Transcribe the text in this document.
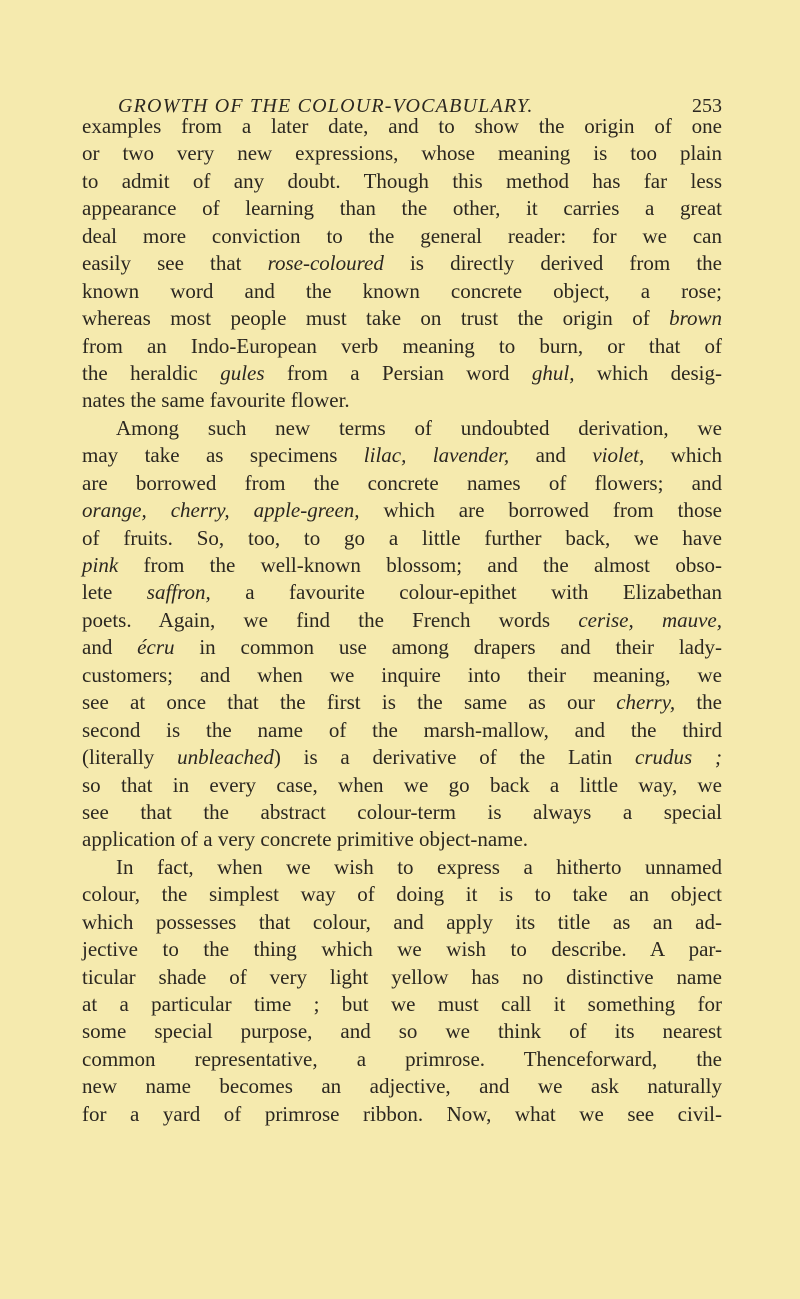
GROWTH OF THE COLOUR-VOCABULARY.	253
examples from a later date, and to show the origin of one
or two very new expressions, whose meaning is too plain
to admit of any doubt. Though this method has far less
appearance of learning than the other, it carries a great
deal more conviction to the general reader: for we can
easily see that rose-coloured is directly derived from the
known word and the known concrete object, a rose;
whereas most people must take on trust the origin of brown
from an Indo-European verb meaning to burn, or that of
the heraldic gules from a Persian word ghul, which desig-
nates the same favourite flower.
Among such new terms of undoubted derivation, we
may take as specimens lilac, lavender, and violet, which
are borrowed from the concrete names of flowers; and
orange, cherry, apple-green, which are borrowed from those
of fruits. So, too, to go a little further back, we have
pink from the well-known blossom; and the almost obso-
lete saffron, a favourite colour-epithet with Elizabethan
poets. Again, we find the French words cerise, mauve,
and écru in common use among drapers and their lady-
customers; and when we inquire into their meaning, we
see at once that the first is the same as our cherry, the
second is the name of the marsh-mallow, and the third
(literally unbleached) is a derivative of the Latin crudus ;
so that in every case, when we go back a little way, we
see that the abstract colour-term is always a special
application of a very concrete primitive object-name.
In fact, when we wish to express a hitherto unnamed
colour, the simplest way of doing it is to take an object
which possesses that colour, and apply its title as an ad-
jective to the thing which we wish to describe. A par-
ticular shade of very light yellow has no distinctive name
at a particular time ; but we must call it something for
some special purpose, and so we think of its nearest
common representative, a primrose. Thenceforward, the
new name becomes an adjective, and we ask naturally
for a yard of primrose ribbon. Now, what we see civil-
